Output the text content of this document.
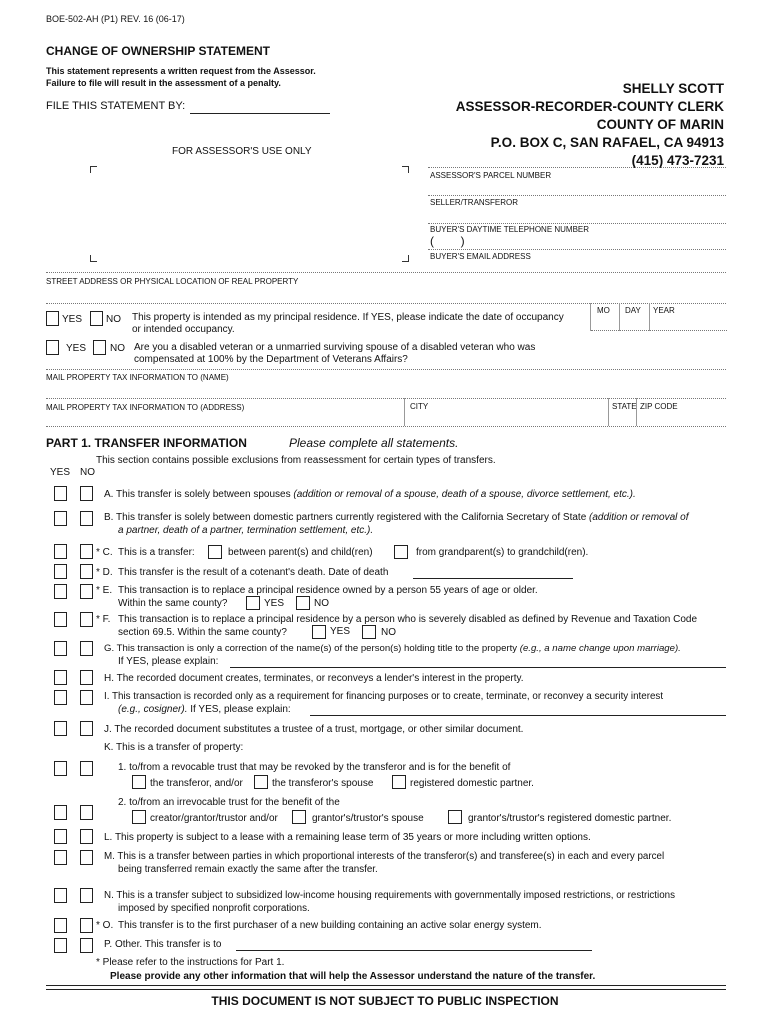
BOE-502-AH (P1) REV. 16 (06-17)
CHANGE OF OWNERSHIP STATEMENT
This statement represents a written request from the Assessor.
Failure to file will result in the assessment of a penalty.
FILE THIS STATEMENT BY:
FOR ASSESSOR'S USE ONLY
SHELLY SCOTT
ASSESSOR-RECORDER-COUNTY CLERK
COUNTY OF MARIN
P.O. BOX C, SAN RAFAEL, CA 94913
(415) 473-7231
ASSESSOR'S PARCEL NUMBER
SELLER/TRANSFEROR
BUYER'S DAYTIME TELEPHONE NUMBER
(        )
BUYER'S EMAIL ADDRESS
STREET ADDRESS OR PHYSICAL LOCATION OF REAL PROPERTY
YES NO This property is intended as my principal residence. If YES, please indicate the date of occupancy
or intended occupancy.
MO DAY YEAR
YES NO Are you a disabled veteran or a unmarried surviving spouse of a disabled veteran who was
compensated at 100% by the Department of Veterans Affairs?
MAIL PROPERTY TAX INFORMATION TO (NAME)
MAIL PROPERTY TAX INFORMATION TO (ADDRESS)	CITY	STATE ZIP CODE
PART 1. TRANSFER INFORMATION	Please complete all statements.
This section contains possible exclusions from reassessment for certain types of transfers.
YES NO
A. This transfer is solely between spouses (addition or removal of a spouse, death of a spouse, divorce settlement, etc.).
B. This transfer is solely between domestic partners currently registered with the California Secretary of State (addition or removal of
a partner, death of a partner, termination settlement, etc.).
* C. This is a transfer:	between parent(s) and child(ren)	from grandparent(s) to grandchild(ren).
* D. This transfer is the result of a cotenant's death. Date of death
* E. This transaction is to replace a principal residence owned by a person 55 years of age or older.
Within the same county?	YES	NO
* F. This transaction is to replace a principal residence by a person who is severely disabled as defined by Revenue and Taxation Code
section 69.5. Within the same county?	YES	NO
G. This transaction is only a correction of the name(s) of the person(s) holding title to the property (e.g., a name change upon marriage).
If YES, please explain:
H. The recorded document creates, terminates, or reconveys a lender's interest in the property.
I. This transaction is recorded only as a requirement for financing purposes or to create, terminate, or reconvey a security interest
(e.g., cosigner). If YES, please explain:
J. The recorded document substitutes a trustee of a trust, mortgage, or other similar document.
K. This is a transfer of property:
1. to/from a revocable trust that may be revoked by the transferor and is for the benefit of
the transferor, and/or	the transferor's spouse	registered domestic partner.
2. to/from an irrevocable trust for the benefit of the
creator/grantor/trustor and/or	grantor's/trustor's spouse	grantor's/trustor's registered domestic partner.
L. This property is subject to a lease with a remaining lease term of 35 years or more including written options.
M. This is a transfer between parties in which proportional interests of the transferor(s) and transferee(s) in each and every parcel
being transferred remain exactly the same after the transfer.
N. This is a transfer subject to subsidized low-income housing requirements with governmentally imposed restrictions, or restrictions
imposed by specified nonprofit corporations.
* O. This transfer is to the first purchaser of a new building containing an active solar energy system.
P. Other. This transfer is to
* Please refer to the instructions for Part 1.
Please provide any other information that will help the Assessor understand the nature of the transfer.
THIS DOCUMENT IS NOT SUBJECT TO PUBLIC INSPECTION
